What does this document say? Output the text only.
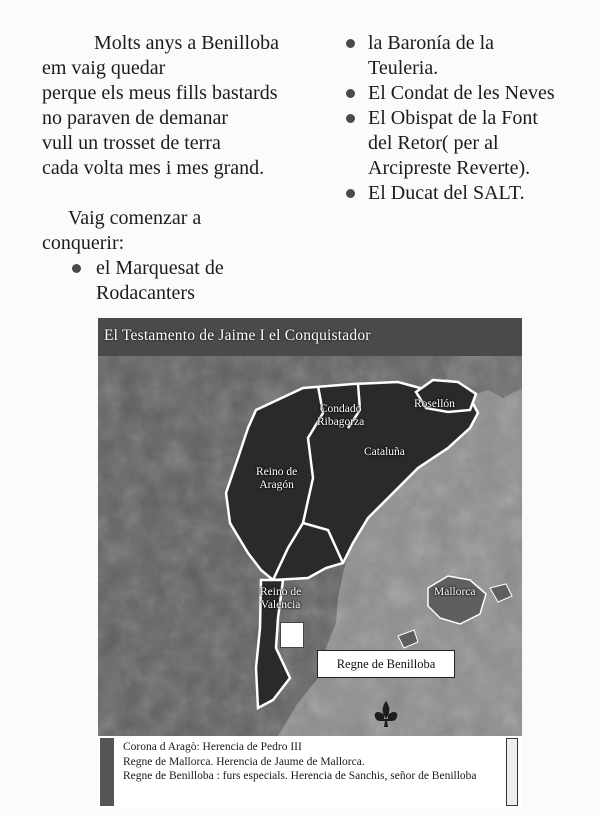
Molts anys a Benilloba
em vaig quedar
perque els meus fills bastards
no paraven de demanar
vull un trosset de terra
cada volta mes i mes grand.
Vaig comenzar a
conquerir:
el Marquesat de
Rodacanters
la Baronía de la
Teuleria.
El Condat de les Neves
El Obispat de la Font
del Retor( per al
Arcipreste Reverte).
El Ducat del SALT.
El Testamento de Jaime I el Conquistador
Condado
Ribagorza
Rosellón
Cataluña
Reino de
Aragón
Reino de
Valencia
Mallorca
Regne de Benilloba
Corona d Aragò: Herencia de Pedro III
Regne de Mallorca. Herencia de Jaume de Mallorca.
Regne de Benilloba : furs especials. Herencia de Sanchis, señor de Benilloba
